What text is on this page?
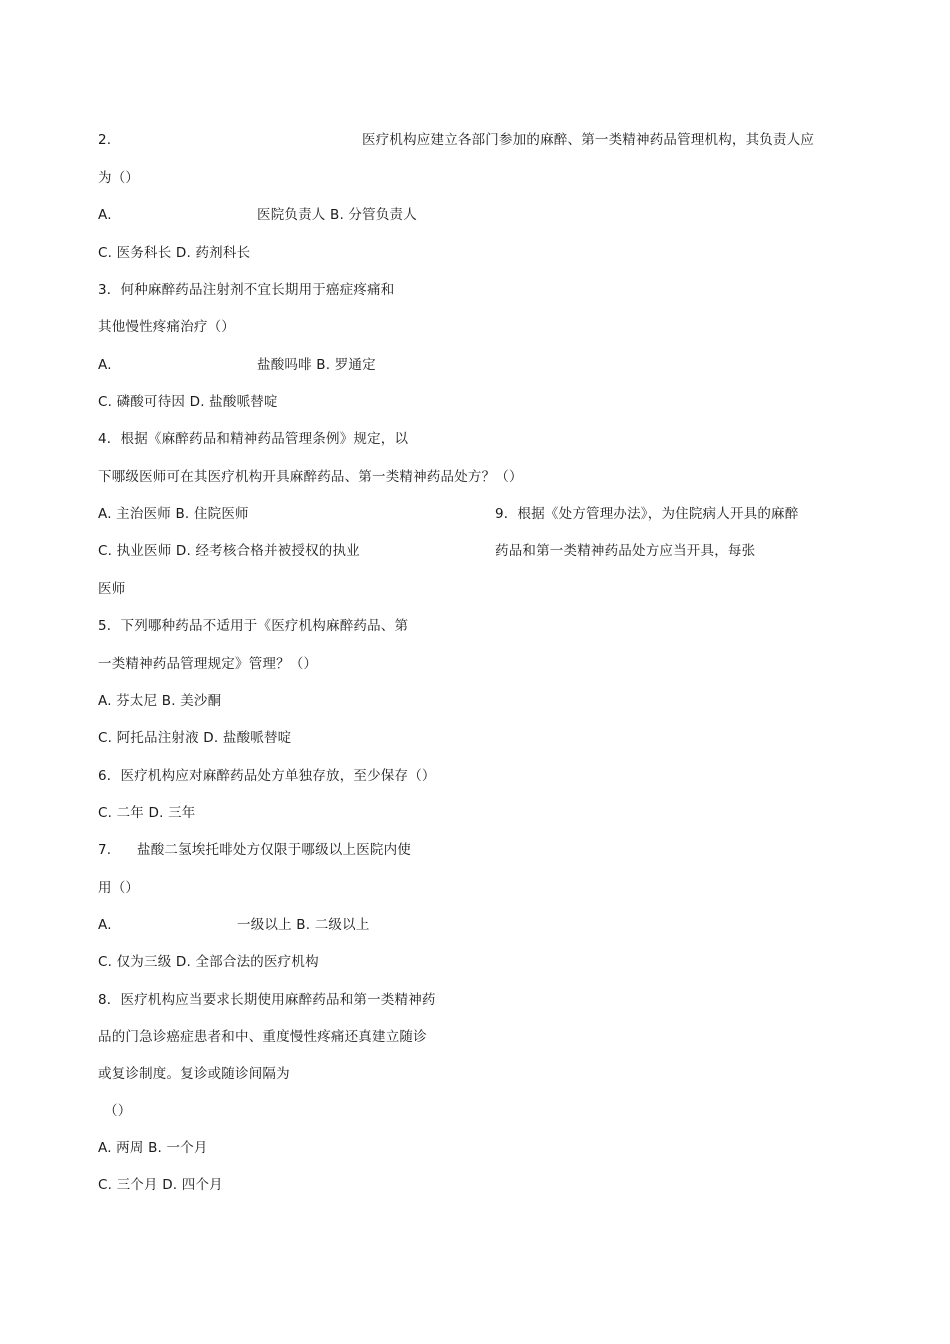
2.	医疗机构应建立各部门参加的麻醉、第一类精神药品管理机构，其负责人应
为（）
A.	医院负责人 B. 分管负责人
C. 医务科长 D. 药剂科长
3．何种麻醉药品注射剂不宜长期用于癌症疼痛和
其他慢性疼痛治疗（）
A.	盐酸吗啡 B. 罗通定
C. 磷酸可待因 D. 盐酸哌替啶
4．根据《麻醉药品和精神药品管理条例》规定，以
下哪级医师可在其医疗机构开具麻醉药品、第一类精神药品处方？（）
A. 主治医师 B. 住院医师
C. 执业医师 D. 经考核合格并被授权的执业
医师
9．根据《处方管理办法》，为住院病人开具的麻醉
药品和第一类精神药品处方应当开具，每张
5．下列哪种药品不适用于《医疗机构麻醉药品、第
一类精神药品管理规定》管理？（）
A. 芬太尼 B. 美沙酮
C. 阿托品注射液 D. 盐酸哌替啶
6．医疗机构应对麻醉药品处方单独存放，至少保存（）
C. 二年 D. 三年
7. 盐酸二氢埃托啡处方仅限于哪级以上医院内使
用（）
A.	一级以上 B. 二级以上
C. 仅为三级 D. 全部合法的医疗机构
8．医疗机构应当要求长期使用麻醉药品和第一类精神药
品的门急诊癌症患者和中、重度慢性疼痛还真建立随诊
或复诊制度。复诊或随诊间隔为
（）
A. 两周 B. 一个月
C. 三个月 D. 四个月
